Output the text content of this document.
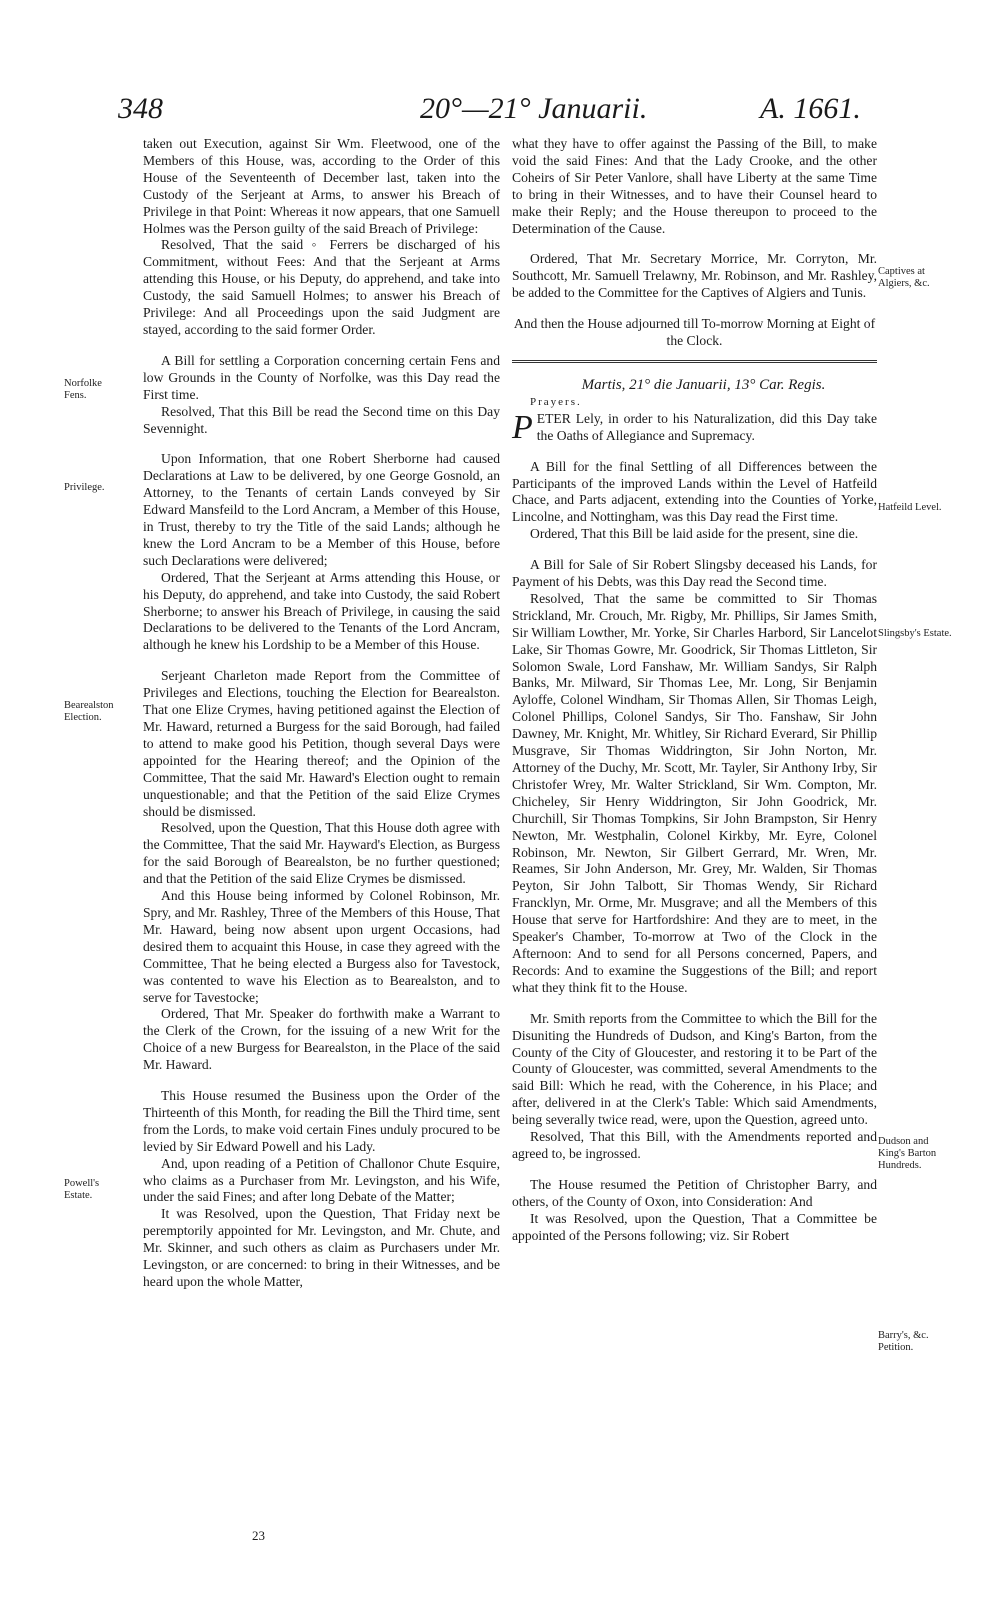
348	20°—21° Januarii.	A. 1661.
Norfolke Fens.
Privilege.
Bearealston Election.
Powell's Estate.
Captives at Algiers, &c.
Hatfeild Level.
Slingsby's Estate.
Dudson and King's Barton Hundreds.
Barry's, &c. Petition.

taken out Execution, against Sir Wm. Fleetwood, one of the Members of this House, was, according to the Order of this House of the Seventeenth of December last, taken into the Custody of the Serjeant at Arms, to answer his Breach of Privilege in that Point: Whereas it now appears, that one Samuell Holmes was the Person guilty of the said Breach of Privilege:

Resolved, That the said ◦ Ferrers be discharged of his Commitment, without Fees: And that the Serjeant at Arms attending this House, or his Deputy, do apprehend, and take into Custody, the said Samuell Holmes; to answer his Breach of Privilege: And all Proceedings upon the said Judgment are stayed, according to the said former Order.

A Bill for settling a Corporation concerning certain Fens and low Grounds in the County of Norfolke, was this Day read the First time.

Resolved, That this Bill be read the Second time on this Day Sevennight.

Upon Information, that one Robert Sherborne had caused Declarations at Law to be delivered, by one George Gosnold, an Attorney, to the Tenants of certain Lands conveyed by Sir Edward Mansfeild to the Lord Ancram, a Member of this House, in Trust, thereby to try the Title of the said Lands; although he knew the Lord Ancram to be a Member of this House, before such Declarations were delivered;

Ordered, That the Serjeant at Arms attending this House, or his Deputy, do apprehend, and take into Custody, the said Robert Sherborne; to answer his Breach of Privilege, in causing the said Declarations to be delivered to the Tenants of the Lord Ancram, although he knew his Lordship to be a Member of this House.

Serjeant Charleton made Report from the Committee of Privileges and Elections, touching the Election for Bearealston. That one Elize Crymes, having petitioned against the Election of Mr. Haward, returned a Burgess for the said Borough, had failed to attend to make good his Petition, though several Days were appointed for the Hearing thereof; and the Opinion of the Committee, That the said Mr. Haward's Election ought to remain unquestionable; and that the Petition of the said Elize Crymes should be dismissed.

Resolved, upon the Question, That this House doth agree with the Committee, That the said Mr. Hayward's Election, as Burgess for the said Borough of Bearealston, be no further questioned; and that the Petition of the said Elize Crymes be dismissed.

And this House being informed by Colonel Robinson, Mr. Spry, and Mr. Rashley, Three of the Members of this House, That Mr. Haward, being now absent upon urgent Occasions, had desired them to acquaint this House, in case they agreed with the Committee, That he being elected a Burgess also for Tavestock, was contented to wave his Election as to Bearealston, and to serve for Tavestocke;

Ordered, That Mr. Speaker do forthwith make a Warrant to the Clerk of the Crown, for the issuing of a new Writ for the Choice of a new Burgess for Bearealston, in the Place of the said Mr. Haward.

This House resumed the Business upon the Order of the Thirteenth of this Month, for reading the Bill the Third time, sent from the Lords, to make void certain Fines unduly procured to be levied by Sir Edward Powell and his Lady.

And, upon reading of a Petition of Challonor Chute Esquire, who claims as a Purchaser from Mr. Levingston, and his Wife, under the said Fines; and after long Debate of the Matter;

It was Resolved, upon the Question, That Friday next be peremptorily appointed for Mr. Levingston, and Mr. Chute, and Mr. Skinner, and such others as claim as Purchasers under Mr. Levingston, or are concerned: to bring in their Witnesses, and be heard upon the whole Matter,

what they have to offer against the Passing of the Bill, to make void the said Fines: And that the Lady Crooke, and the other Coheirs of Sir Peter Vanlore, shall have Liberty at the same Time to bring in their Witnesses, and to have their Counsel heard to make their Reply; and the House thereupon to proceed to the Determination of the Cause.

Ordered, That Mr. Secretary Morrice, Mr. Corryton, Mr. Southcott, Mr. Samuell Trelawny, Mr. Robinson, and Mr. Rashley, be added to the Committee for the Captives of Algiers and Tunis.

And then the House adjourned till To-morrow Morning at Eight of the Clock.

Martis, 21° die Januarii, 13° Car. Regis.

Prayers.

PETER Lely, in order to his Naturalization, did this Day take the Oaths of Allegiance and Supremacy.

A Bill for the final Settling of all Differences between the Participants of the improved Lands within the Level of Hatfeild Chace, and Parts adjacent, extending into the Counties of Yorke, Lincolne, and Nottingham, was this Day read the First time.

Ordered, That this Bill be laid aside for the present, sine die.

A Bill for Sale of Sir Robert Slingsby deceased his Lands, for Payment of his Debts, was this Day read the Second time.

Resolved, That the same be committed to Sir Thomas Strickland, Mr. Crouch, Mr. Rigby, Mr. Phillips, Sir James Smith, Sir William Lowther, Mr. Yorke, Sir Charles Harbord, Sir Lancelot Lake, Sir Thomas Gowre, Mr. Goodrick, Sir Thomas Littleton, Sir Solomon Swale, Lord Fanshaw, Mr. William Sandys, Sir Ralph Banks, Mr. Milward, Sir Thomas Lee, Mr. Long, Sir Benjamin Ayloffe, Colonel Windham, Sir Thomas Allen, Sir Thomas Leigh, Colonel Phillips, Colonel Sandys, Sir Tho. Fanshaw, Sir John Dawney, Mr. Knight, Mr. Whitley, Sir Richard Everard, Sir Phillip Musgrave, Sir Thomas Widdrington, Sir John Norton, Mr. Attorney of the Duchy, Mr. Scott, Mr. Tayler, Sir Anthony Irby, Sir Christofer Wrey, Mr. Walter Strickland, Sir Wm. Compton, Mr. Chicheley, Sir Henry Widdrington, Sir John Goodrick, Mr. Churchill, Sir Thomas Tompkins, Sir John Brampston, Sir Henry Newton, Mr. Westphalin, Colonel Kirkby, Mr. Eyre, Colonel Robinson, Mr. Newton, Sir Gilbert Gerrard, Mr. Wren, Mr. Reames, Sir John Anderson, Mr. Grey, Mr. Walden, Sir Thomas Peyton, Sir John Talbott, Sir Thomas Wendy, Sir Richard Francklyn, Mr. Orme, Mr. Musgrave; and all the Members of this House that serve for Hartfordshire: And they are to meet, in the Speaker's Chamber, To-morrow at Two of the Clock in the Afternoon: And to send for all Persons concerned, Papers, and Records: And to examine the Suggestions of the Bill; and report what they think fit to the House.

Mr. Smith reports from the Committee to which the Bill for the Disuniting the Hundreds of Dudson, and King's Barton, from the County of the City of Gloucester, and restoring it to be Part of the County of Gloucester, was committed, several Amendments to the said Bill: Which he read, with the Coherence, in his Place; and after, delivered in at the Clerk's Table: Which said Amendments, being severally twice read, were, upon the Question, agreed unto.

Resolved, That this Bill, with the Amendments reported and agreed to, be ingrossed.

The House resumed the Petition of Christopher Barry, and others, of the County of Oxon, into Consideration: And

It was Resolved, upon the Question, That a Committee be appointed of the Persons following; viz. Sir Robert

23
